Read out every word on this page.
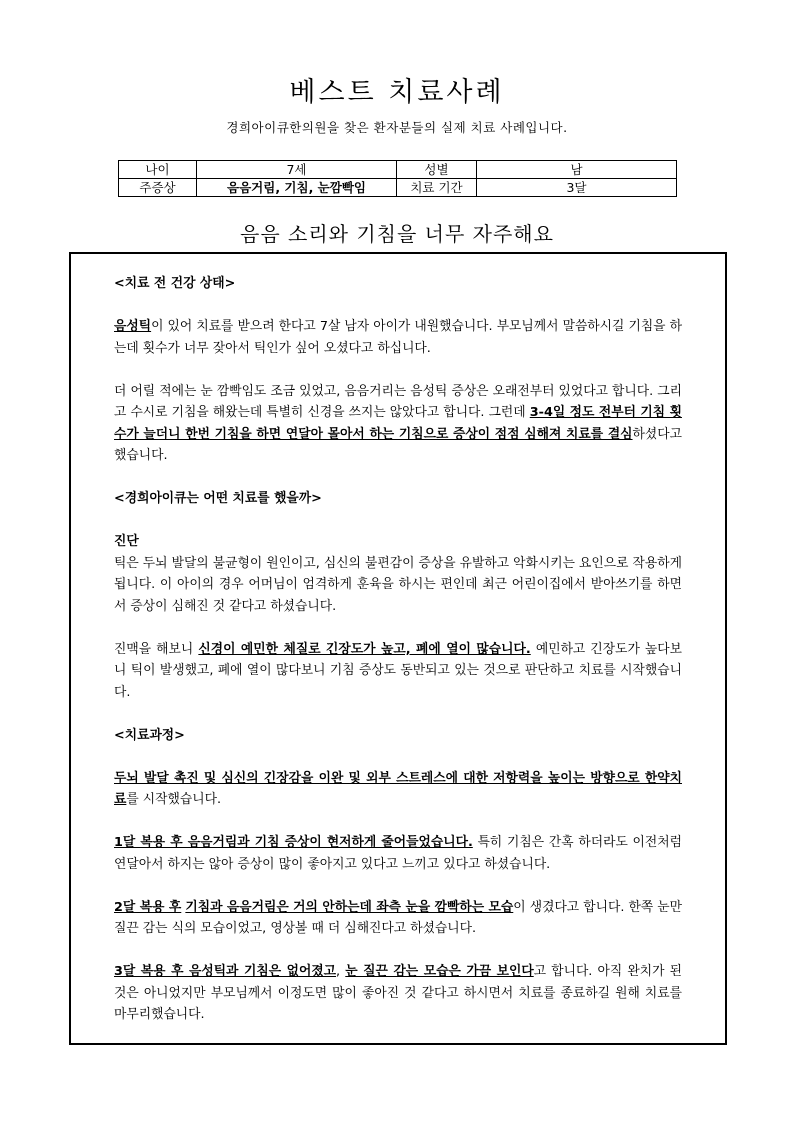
베스트 치료사례
경희아이큐한의원을 찾은 환자분들의 실제 치료 사례입니다.
나이	7세	성별	남
주증상	음음거림, 기침, 눈깜빡임	치료 기간	3달
음음 소리와 기침을 너무 자주해요

<치료 전 건강 상태>

음성틱이 있어 치료를 받으려 한다고 7살 남자 아이가 내원했습니다. 부모님께서 말씀하시길 기침을 하는데 횟수가 너무 잦아서 틱인가 싶어 오셨다고 하십니다.

더 어릴 적에는 눈 깜빡임도 조금 있었고, 음음거리는 음성틱 증상은 오래전부터 있었다고 합니다. 그리고 수시로 기침을 해왔는데 특별히 신경을 쓰지는 않았다고 합니다. 그런데 3-4일 정도 전부터 기침 횟수가 늘더니 한번 기침을 하면 연달아 몰아서 하는 기침으로 증상이 점점 심해져 치료를 결심하셨다고 했습니다.

<경희아이큐는 어떤 치료를 했을까>

진단

틱은 두뇌 발달의 불균형이 원인이고, 심신의 불편감이 증상을 유발하고 악화시키는 요인으로 작용하게 됩니다. 이 아이의 경우 어머님이 엄격하게 훈육을 하시는 편인데 최근 어린이집에서 받아쓰기를 하면서 증상이 심해진 것 같다고 하셨습니다.

진맥을 해보니 신경이 예민한 체질로 긴장도가 높고, 폐에 열이 많습니다. 예민하고 긴장도가 높다보니 틱이 발생했고, 폐에 열이 많다보니 기침 증상도 동반되고 있는 것으로 판단하고 치료를 시작했습니다.

<치료과정>

두뇌 발달 촉진 및 심신의 긴장감을 이완 및 외부 스트레스에 대한 저항력을 높이는 방향으로 한약치료를 시작했습니다.

1달 복용 후 음음거림과 기침 증상이 현저하게 줄어들었습니다. 특히 기침은 간혹 하더라도 이전처럼 연달아서 하지는 않아 증상이 많이 좋아지고 있다고 느끼고 있다고 하셨습니다.

2달 복용 후 기침과 음음거림은 거의 안하는데 좌측 눈을 깜빡하는 모습이 생겼다고 합니다. 한쪽 눈만 질끈 감는 식의 모습이었고, 영상볼 때 더 심해진다고 하셨습니다.

3달 복용 후 음성틱과 기침은 없어졌고, 눈 질끈 감는 모습은 가끔 보인다고 합니다. 아직 완치가 된 것은 아니었지만 부모님께서 이정도면 많이 좋아진 것 같다고 하시면서 치료를 종료하길 원해 치료를 마무리했습니다.
